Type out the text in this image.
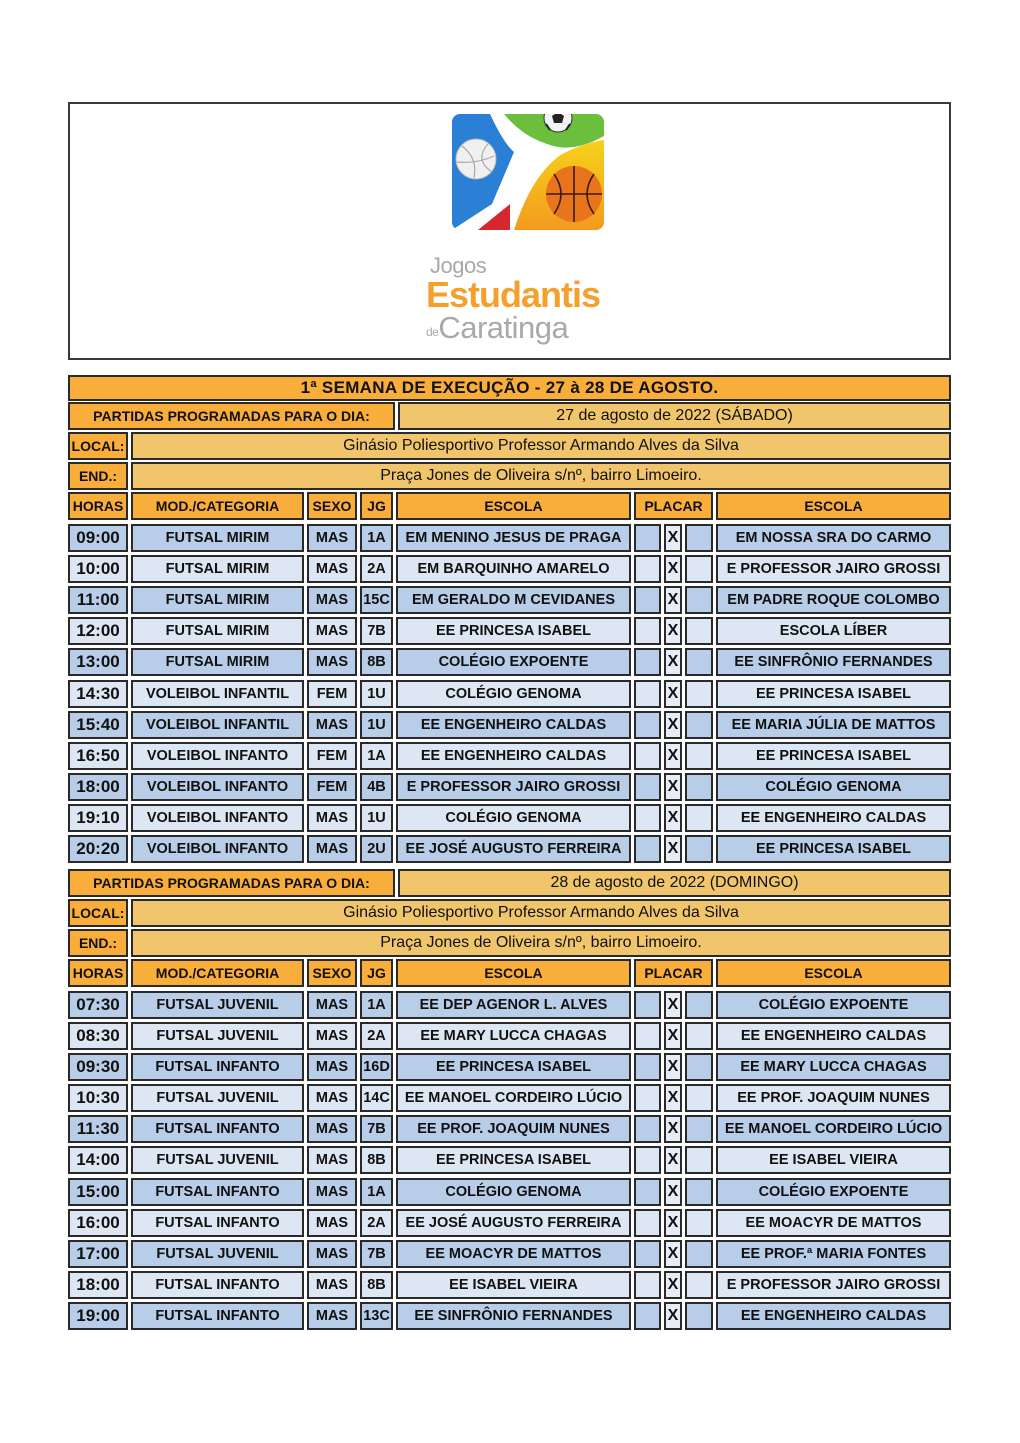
Jogos
Estudantis
$^{de}$Caratinga
1ª SEMANA DE EXECUÇÃO - 27 à 28 DE AGOSTO.
PARTIDAS PROGRAMADAS PARA O DIA:	27 de agosto de 2022 (SÁBADO)
LOCAL:	Ginásio Poliesportivo Professor Armando Alves da Silva
END.:	Praça Jones de Oliveira s/nº, bairro Limoeiro.
HORAS	MOD./CATEGORIA	SEXO	JG	ESCOLA	PLACAR	ESCOLA
09:00	FUTSAL MIRIM	MAS	1A	EM MENINO JESUS DE PRAGA	X	EM NOSSA SRA DO CARMO
10:00	FUTSAL MIRIM	MAS	2A	EM BARQUINHO AMARELO	X	E PROFESSOR JAIRO GROSSI
11:00	FUTSAL MIRIM	MAS	15C	EM GERALDO M CEVIDANES	X	EM PADRE ROQUE COLOMBO
12:00	FUTSAL MIRIM	MAS	7B	EE PRINCESA ISABEL	X	ESCOLA LÍBER
13:00	FUTSAL MIRIM	MAS	8B	COLÉGIO EXPOENTE	X	EE SINFRÔNIO FERNANDES
14:30	VOLEIBOL INFANTIL	FEM	1U	COLÉGIO GENOMA	X	EE PRINCESA ISABEL
15:40	VOLEIBOL INFANTIL	MAS	1U	EE ENGENHEIRO CALDAS	X	EE MARIA JÚLIA DE MATTOS
16:50	VOLEIBOL INFANTO	FEM	1A	EE ENGENHEIRO CALDAS	X	EE PRINCESA ISABEL
18:00	VOLEIBOL INFANTO	FEM	4B	E PROFESSOR JAIRO GROSSI	X	COLÉGIO GENOMA
19:10	VOLEIBOL INFANTO	MAS	1U	COLÉGIO GENOMA	X	EE ENGENHEIRO CALDAS
20:20	VOLEIBOL INFANTO	MAS	2U	EE JOSÉ AUGUSTO FERREIRA	X	EE PRINCESA ISABEL
PARTIDAS PROGRAMADAS PARA O DIA:	28 de agosto de 2022 (DOMINGO)
LOCAL:	Ginásio Poliesportivo Professor Armando Alves da Silva
END.:	Praça Jones de Oliveira s/nº, bairro Limoeiro.
HORAS	MOD./CATEGORIA	SEXO	JG	ESCOLA	PLACAR	ESCOLA
07:30	FUTSAL JUVENIL	MAS	1A	EE DEP AGENOR L. ALVES	X	COLÉGIO EXPOENTE
08:30	FUTSAL JUVENIL	MAS	2A	EE MARY LUCCA CHAGAS	X	EE ENGENHEIRO CALDAS
09:30	FUTSAL INFANTO	MAS	16D	EE PRINCESA ISABEL	X	EE MARY LUCCA CHAGAS
10:30	FUTSAL JUVENIL	MAS	14C	EE MANOEL CORDEIRO LÚCIO	X	EE PROF. JOAQUIM NUNES
11:30	FUTSAL INFANTO	MAS	7B	EE PROF. JOAQUIM NUNES	X	EE MANOEL CORDEIRO LÚCIO
14:00	FUTSAL JUVENIL	MAS	8B	EE PRINCESA ISABEL	X	EE ISABEL VIEIRA
15:00	FUTSAL INFANTO	MAS	1A	COLÉGIO GENOMA	X	COLÉGIO EXPOENTE
16:00	FUTSAL INFANTO	MAS	2A	EE JOSÉ AUGUSTO FERREIRA	X	EE MOACYR DE MATTOS
17:00	FUTSAL JUVENIL	MAS	7B	EE MOACYR DE MATTOS	X	EE PROF.ª MARIA FONTES
18:00	FUTSAL INFANTO	MAS	8B	EE ISABEL VIEIRA	X	E PROFESSOR JAIRO GROSSI
19:00	FUTSAL INFANTO	MAS	13C	EE SINFRÔNIO FERNANDES	X	EE ENGENHEIRO CALDAS
